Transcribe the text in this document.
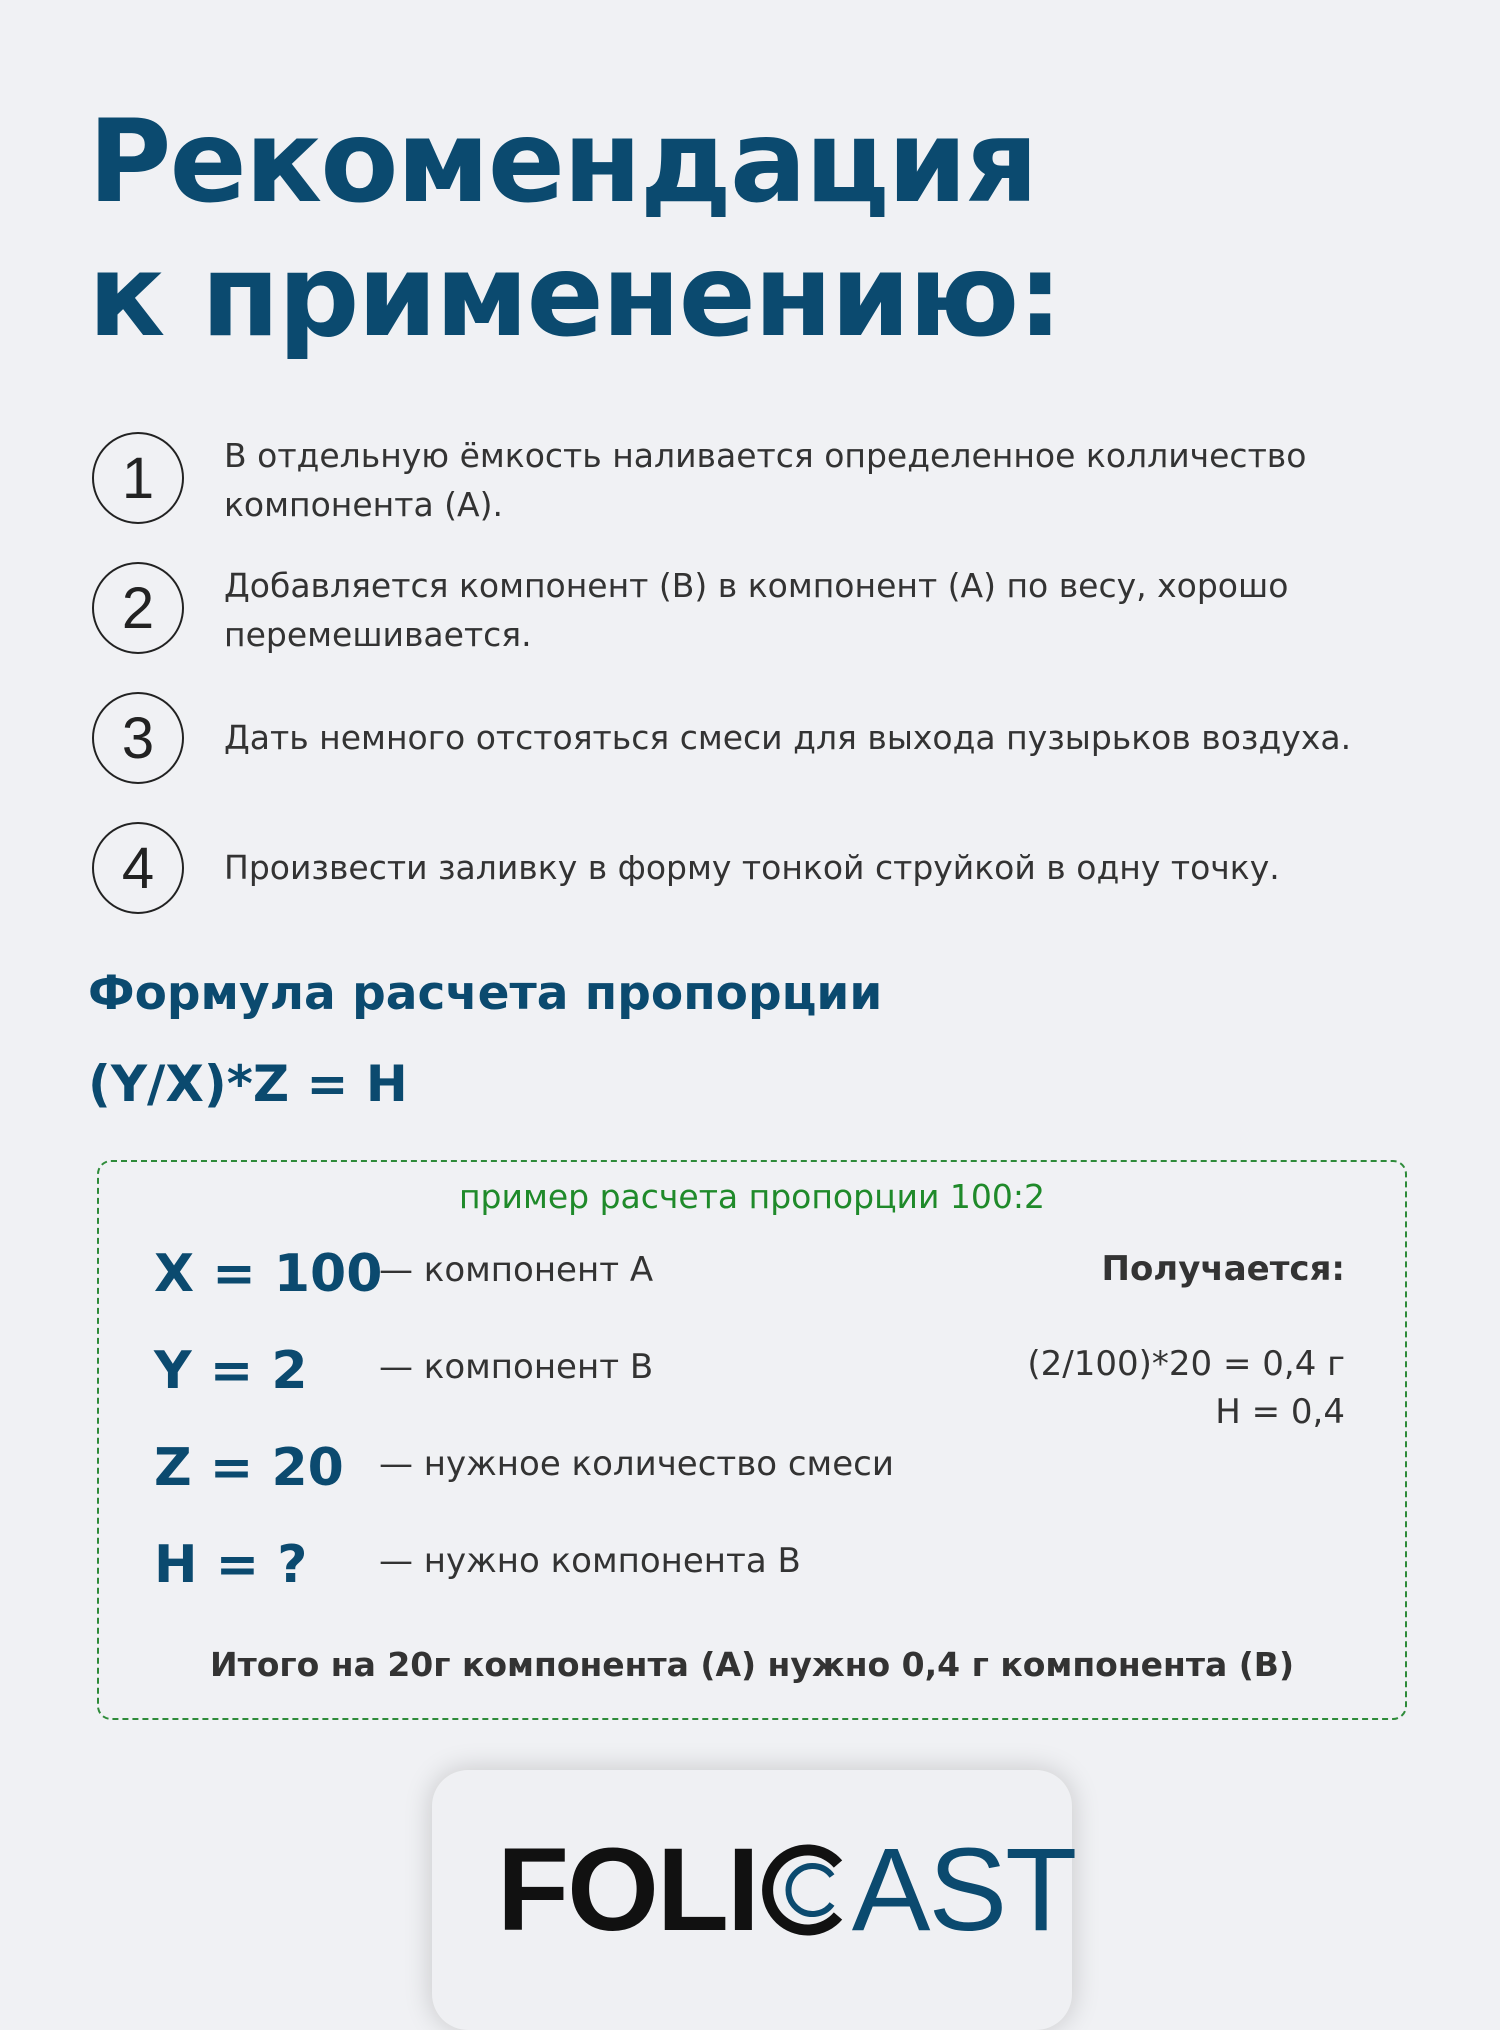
Рекомендация
к применению:
1	В отдельную ёмкость наливается определенное колличество компонента (А).
2	Добавляется компонент (В) в компонент (А) по весу, хорошо перемешивается.
3	Дать немного отстояться смеси для выхода пузырьков воздуха.
4	Произвести заливку в форму тонкой струйкой в одну точку.
Формула расчета пропорции
(Y/X)*Z = H
пример расчета пропорции 100:2
X = 100
— компонент А
Y = 2 — компонент В
Z = 20 — нужное количество смеси
H = ? — нужно компонента В
Получается:
(2/100)*20 = 0,4 г
H = 0,4
Итого на 20г компонента (А) нужно 0,4 г компонента (В)
FOLI AST
